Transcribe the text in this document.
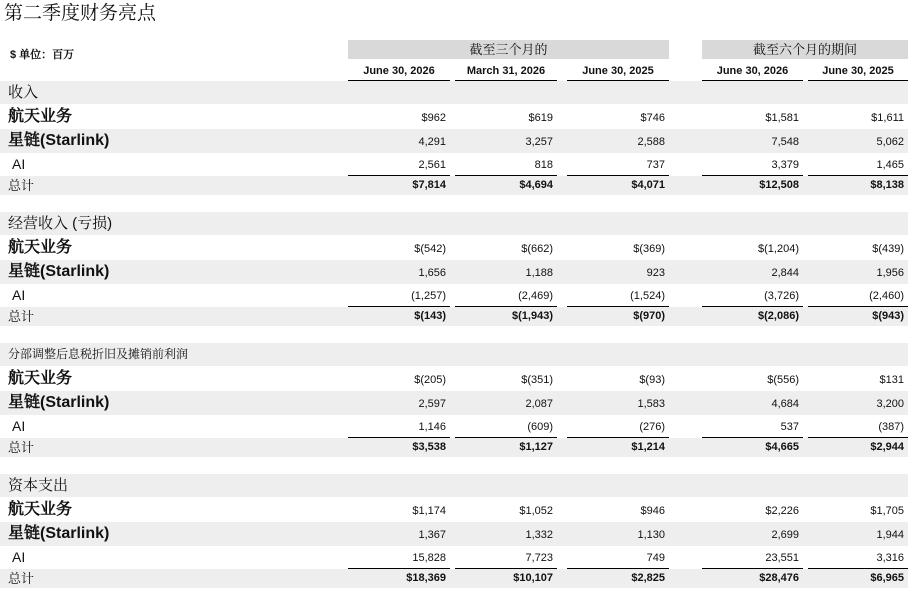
第二季度财务亮点
$ 单位：百万	截至三个月的	截至六个月的期间
June 30, 2026	March 31, 2026	June 30, 2025	June 30, 2026	June 30, 2025
收入
航天业务	$962	$619	$746	$1,581	$1,611
星链(Starlink)	4,291	3,257	2,588	7,548	5,062
AI	2,561	818	737	3,379	1,465
总计	$7,814	$4,694	$4,071	$12,508	$8,138
经营收入 (亏损)
航天业务	$(542)	$(662)	$(369)	$(1,204)	$(439)
星链(Starlink)	1,656	1,188	923	2,844	1,956
AI	(1,257)	(2,469)	(1,524)	(3,726)	(2,460)
总计	$(143)	$(1,943)	$(970)	$(2,086)	$(943)
分部调整后息税折旧及摊销前利润
航天业务	$(205)	$(351)	$(93)	$(556)	$131
星链(Starlink)	2,597	2,087	1,583	4,684	3,200
AI	1,146	(609)	(276)	537	(387)
总计	$3,538	$1,127	$1,214	$4,665	$2,944
资本支出
航天业务	$1,174	$1,052	$946	$2,226	$1,705
星链(Starlink)	1,367	1,332	1,130	2,699	1,944
AI	15,828	7,723	749	23,551	3,316
总计	$18,369	$10,107	$2,825	$28,476	$6,965
